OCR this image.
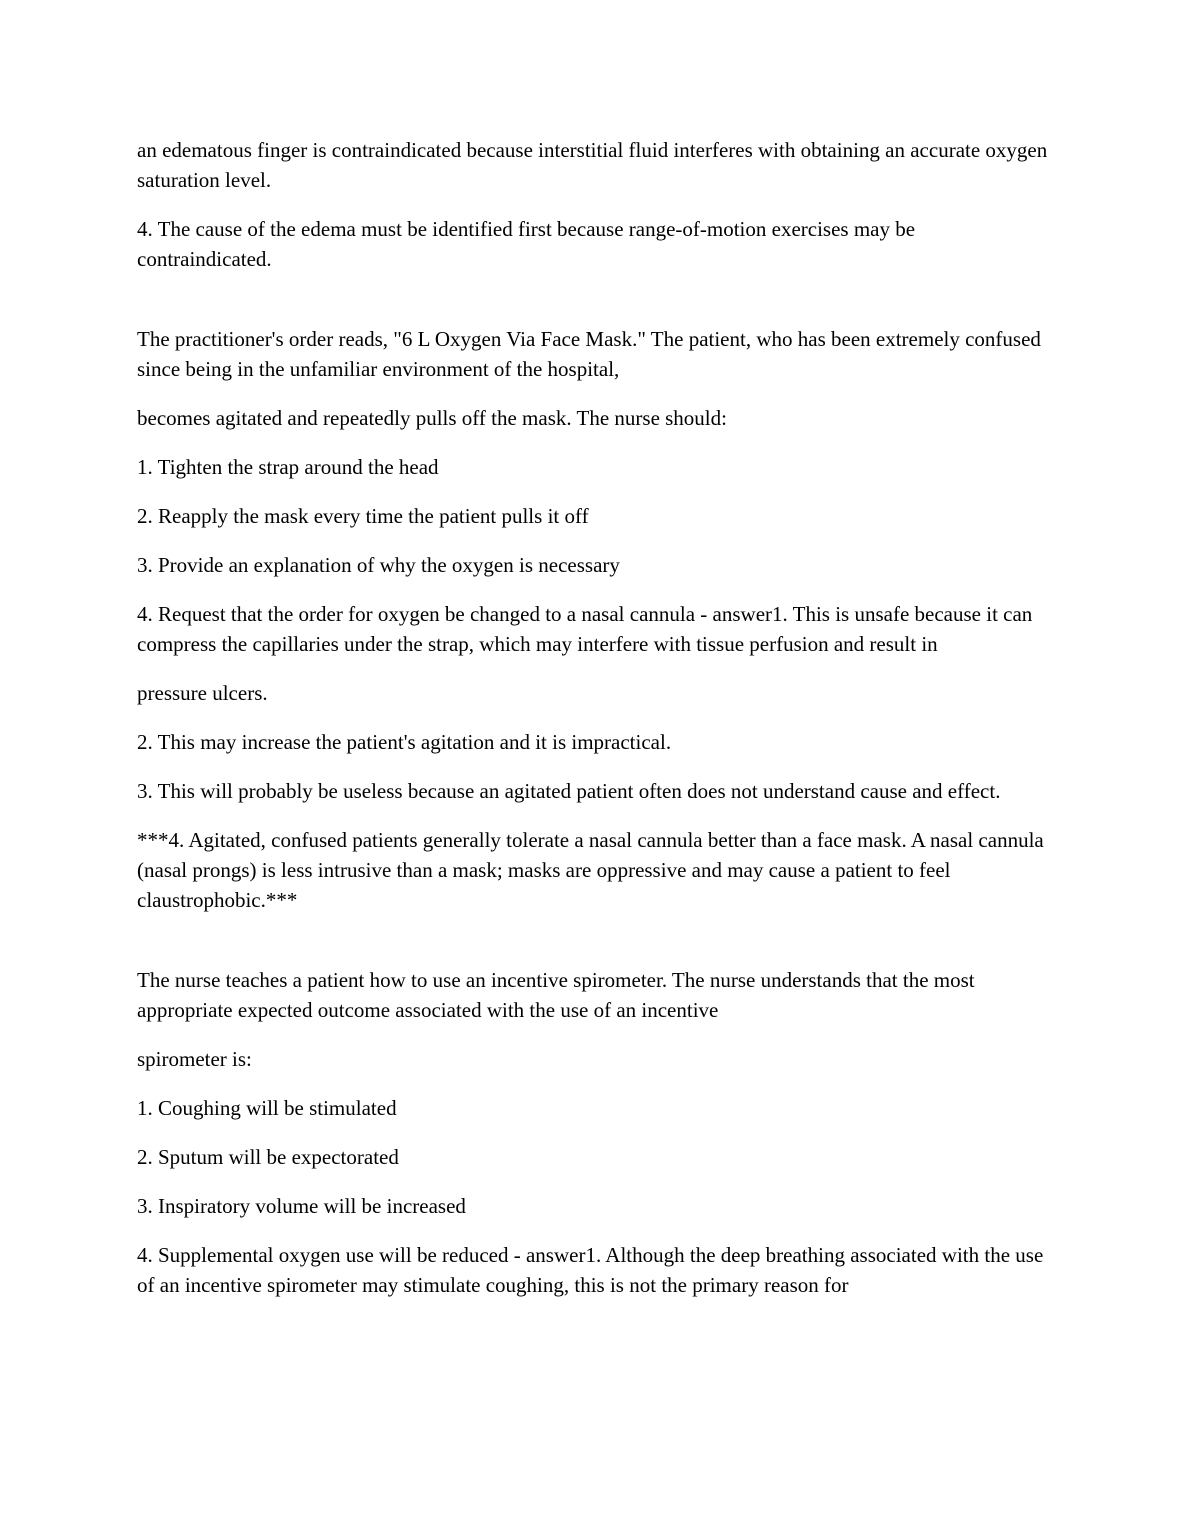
an edematous finger is contraindicated because interstitial fluid interferes with obtaining an accurate oxygen saturation level.

4. The cause of the edema must be identified first because range-of-motion exercises may be contraindicated.

The practitioner's order reads, "6 L Oxygen Via Face Mask." The patient, who has been extremely confused since being in the unfamiliar environment of the hospital,

becomes agitated and repeatedly pulls off the mask. The nurse should:

1. Tighten the strap around the head

2. Reapply the mask every time the patient pulls it off

3. Provide an explanation of why the oxygen is necessary

4. Request that the order for oxygen be changed to a nasal cannula - answer1. This is unsafe because it can compress the capillaries under the strap, which may interfere with tissue perfusion and result in

pressure ulcers.

2. This may increase the patient's agitation and it is impractical.

3. This will probably be useless because an agitated patient often does not understand cause and effect.

***4. Agitated, confused patients generally tolerate a nasal cannula better than a face mask. A nasal cannula (nasal prongs) is less intrusive than a mask; masks are oppressive and may cause a patient to feel claustrophobic.***

The nurse teaches a patient how to use an incentive spirometer. The nurse understands that the most appropriate expected outcome associated with the use of an incentive

spirometer is:

1. Coughing will be stimulated

2. Sputum will be expectorated

3. Inspiratory volume will be increased

4. Supplemental oxygen use will be reduced - answer1. Although the deep breathing associated with the use of an incentive spirometer may stimulate coughing, this is not the primary reason for
